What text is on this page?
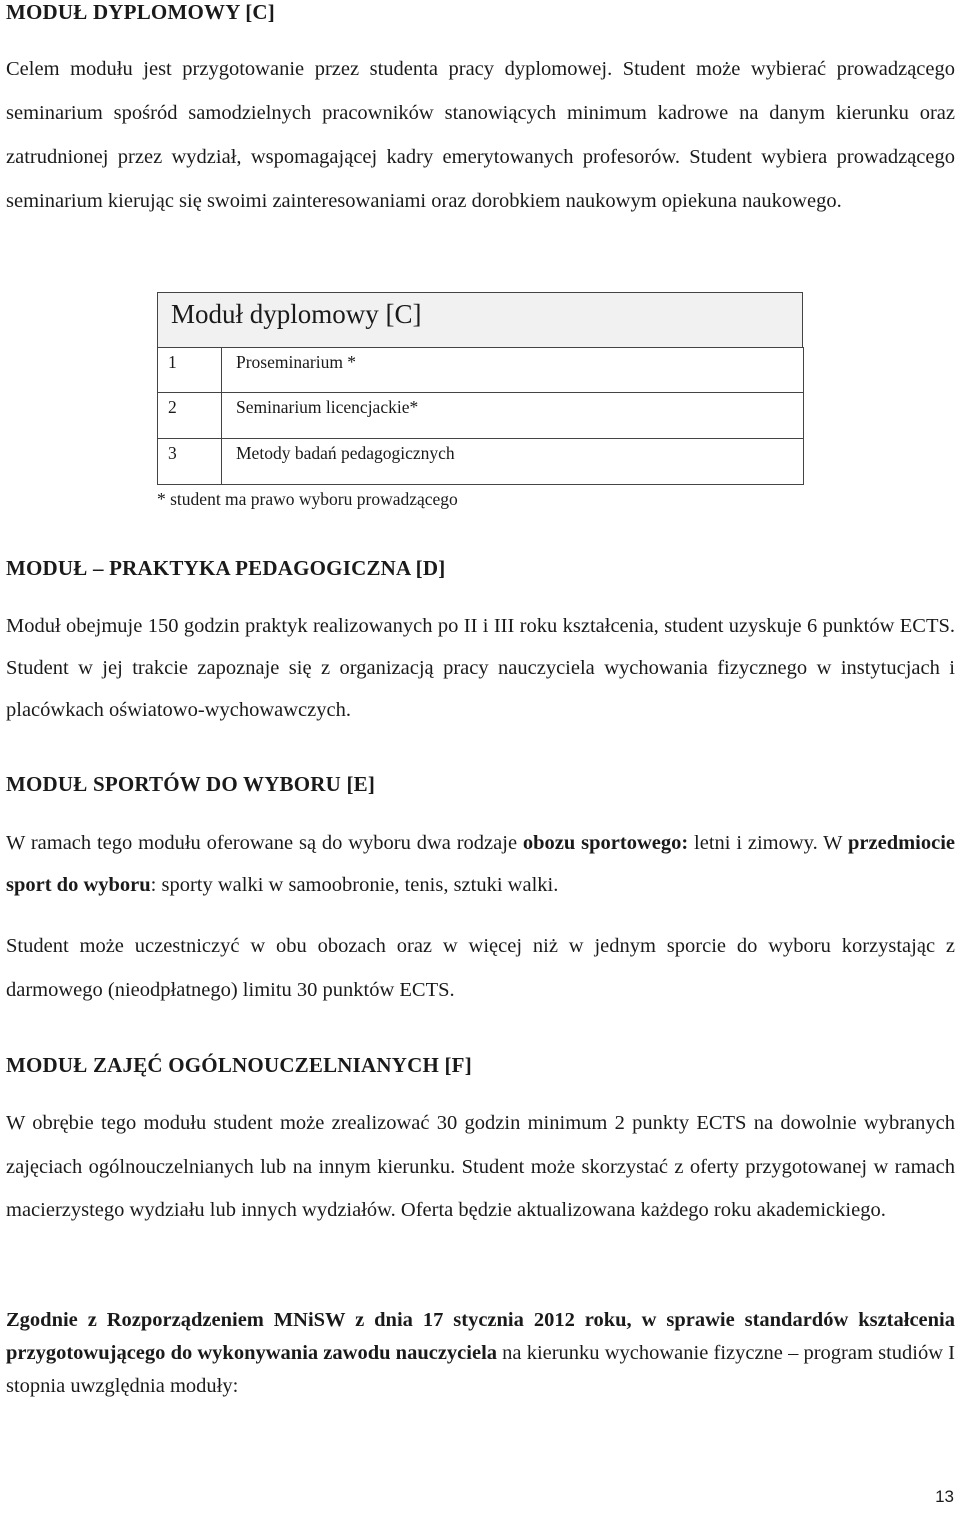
MODUŁ DYPLOMOWY [C]

Celem modułu jest przygotowanie przez studenta pracy dyplomowej. Student może wybierać prowadzącego seminarium spośród samodzielnych pracowników stanowiących minimum kadrowe na danym kierunku oraz zatrudnionej przez wydział, wspomagającej kadry emerytowanych profesorów. Student wybiera prowadzącego seminarium kierując się swoimi zainteresowaniami oraz dorobkiem naukowym opiekuna naukowego.

Moduł dyplomowy [C]
1	Proseminarium *
2	Seminarium licencjackie*
3	Metody badań pedagogicznych
* student ma prawo wyboru prowadzącego
MODUŁ – PRAKTYKA PEDAGOGICZNA [D]

Moduł obejmuje 150 godzin praktyk realizowanych po II i III roku kształcenia, student uzyskuje 6 punktów ECTS. Student w jej trakcie zapoznaje się z organizacją pracy nauczyciela wychowania fizycznego w instytucjach i placówkach oświatowo-wychowawczych.

MODUŁ SPORTÓW DO WYBORU [E]

W ramach tego modułu oferowane są do wyboru dwa rodzaje obozu sportowego: letni i zimowy. W przedmiocie sport do wyboru: sporty walki w samoobronie, tenis, sztuki walki.

Student może uczestniczyć w obu obozach oraz w więcej niż w jednym sporcie do wyboru korzystając z darmowego (nieodpłatnego) limitu 30 punktów ECTS.

MODUŁ ZAJĘĆ OGÓLNOUCZELNIANYCH [F]

W obrębie tego modułu student może zrealizować 30 godzin minimum 2 punkty ECTS na dowolnie wybranych zajęciach ogólnouczelnianych lub na innym kierunku. Student może skorzystać z oferty przygotowanej w ramach macierzystego wydziału lub innych wydziałów. Oferta będzie aktualizowana każdego roku akademickiego.

Zgodnie z Rozporządzeniem MNiSW z dnia 17 stycznia 2012 roku, w sprawie standardów kształcenia przygotowującego do wykonywania zawodu nauczyciela na kierunku wychowanie fizyczne – program studiów I stopnia uwzględnia moduły:

13
